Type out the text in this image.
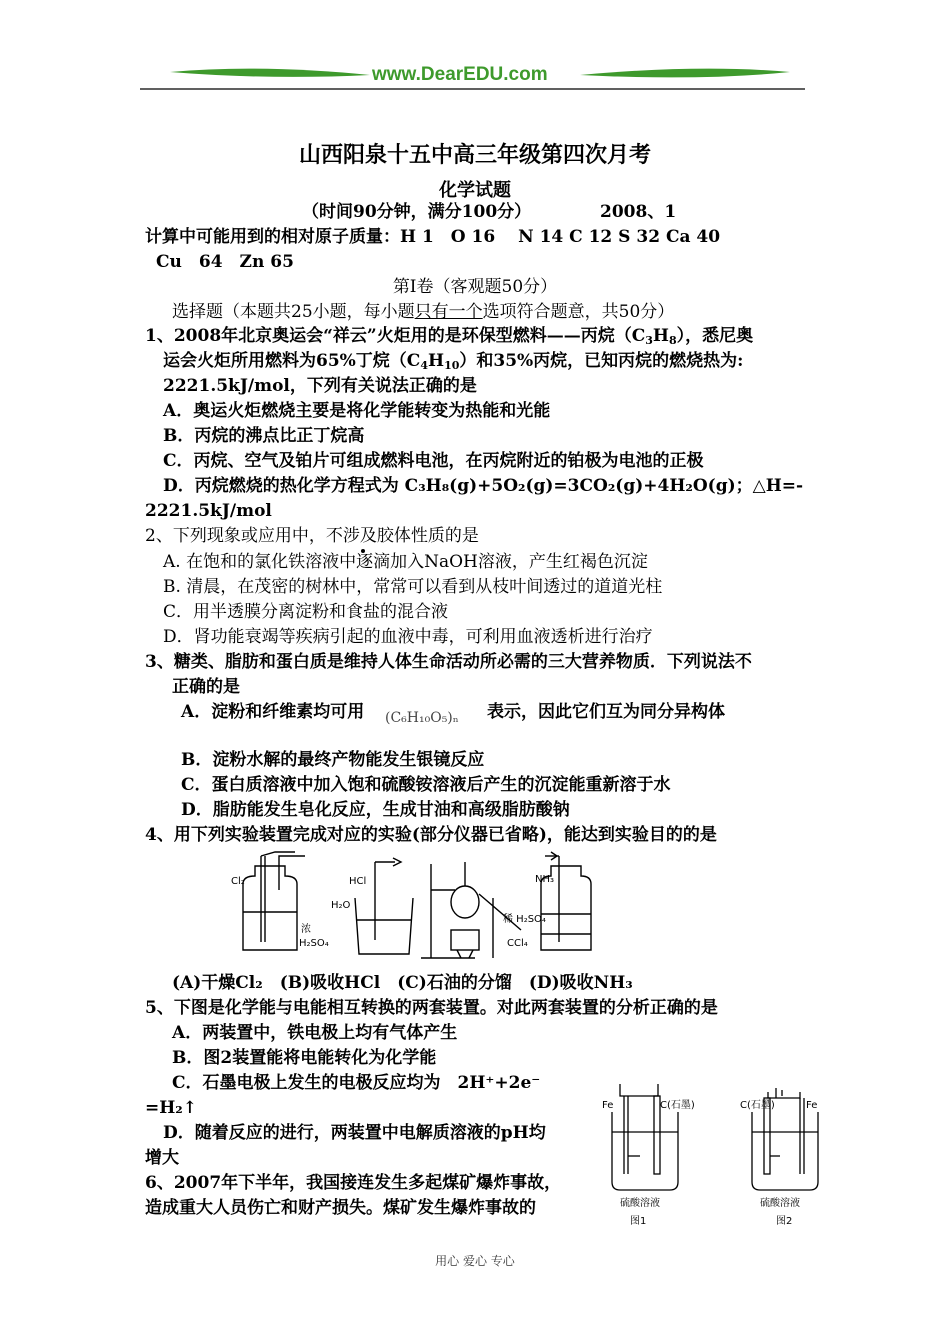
www.DearEDU.com
山西阳泉十五中高三年级第四次月考
化学试题
（时间90分钟，满分100分）	2008、1
计算中可能用到的相对原子质量：H 1　O 16　 N 14 C 12 S 32 Ca 40
Cu　64　Zn 65
第Ⅰ卷（客观题50分）
选择题（本题共25小题，每小题只有一个选项符合题意，共50分）
1、2008年北京奥运会“祥云”火炬用的是环保型燃料——丙烷$(C_3H_8)$，悉尼奥
运会火炬所用燃料为65%丁烷$(C_4H_{10})$和35%丙烷，已知丙烷的燃烧热为:
2221.5kJ/mol，下列有关说法正确的是
A．奥运火炬燃烧主要是将化学能转变为热能和光能
B．丙烷的沸点比正丁烷高
C．丙烷、空气及铂片可组成燃料电池，在丙烷附近的铂极为电池的正极
D．丙烷燃烧的热化学方程式为 C₃H₈(g)+5O₂(g)=3CO₂(g)+4H₂O(g)；△H=-
2221.5kJ/mol
2、下列现象或应用中，不涉及胶体性质的是
A. 在饱和的氯化铁溶液中逐滴加入NaOH溶液，产生红褐色沉淀
B. 清晨，在茂密的树林中，常常可以看到从枝叶间透过的道道光柱
C．用半透膜分离淀粉和食盐的混合液
D．肾功能衰竭等疾病引起的血液中毒，可利用血液透析进行治疗
3、糖类、脂肪和蛋白质是维持人体生命活动所必需的三大营养物质．下列说法不
正确的是
A．淀粉和纤维素均可用 (C₆H₁₀O₅)ₙ 表示，因此它们互为同分异构体
B．淀粉水解的最终产物能发生银镜反应
C．蛋白质溶液中加入饱和硫酸铵溶液后产生的沉淀能重新溶于水
D．脂肪能发生皂化反应，生成甘油和高级脂肪酸钠
4、用下列实验装置完成对应的实验(部分仪器已省略)，能达到实验目的的是
Cl₂
浓
H₂SO₄
HCl
H₂O
NH₃
稀 H₂SO₄
CCl₄
(A)干燥Cl₂　(B)吸收HCl　(C)石油的分馏　(D)吸收NH₃
5、下图是化学能与电能相互转换的两套装置。对此两套装置的分析正确的是
A．两装置中，铁电极上均有气体产生
B．图2装置能将电能转化为化学能
C．石墨电极上发生的电极反应均为　2H⁺+2e⁻
=H₂↑
D．随着反应的进行，两装置中电解质溶液的pH均
增大
6、2007年下半年，我国接连发生多起煤矿爆炸事故，
造成重大人员伤亡和财产损失。煤矿发生爆炸事故的
Fe	C(石墨)
硫酸溶液
图1
C(石墨)	Fe
硫酸溶液
图2
用心 爱心 专心
